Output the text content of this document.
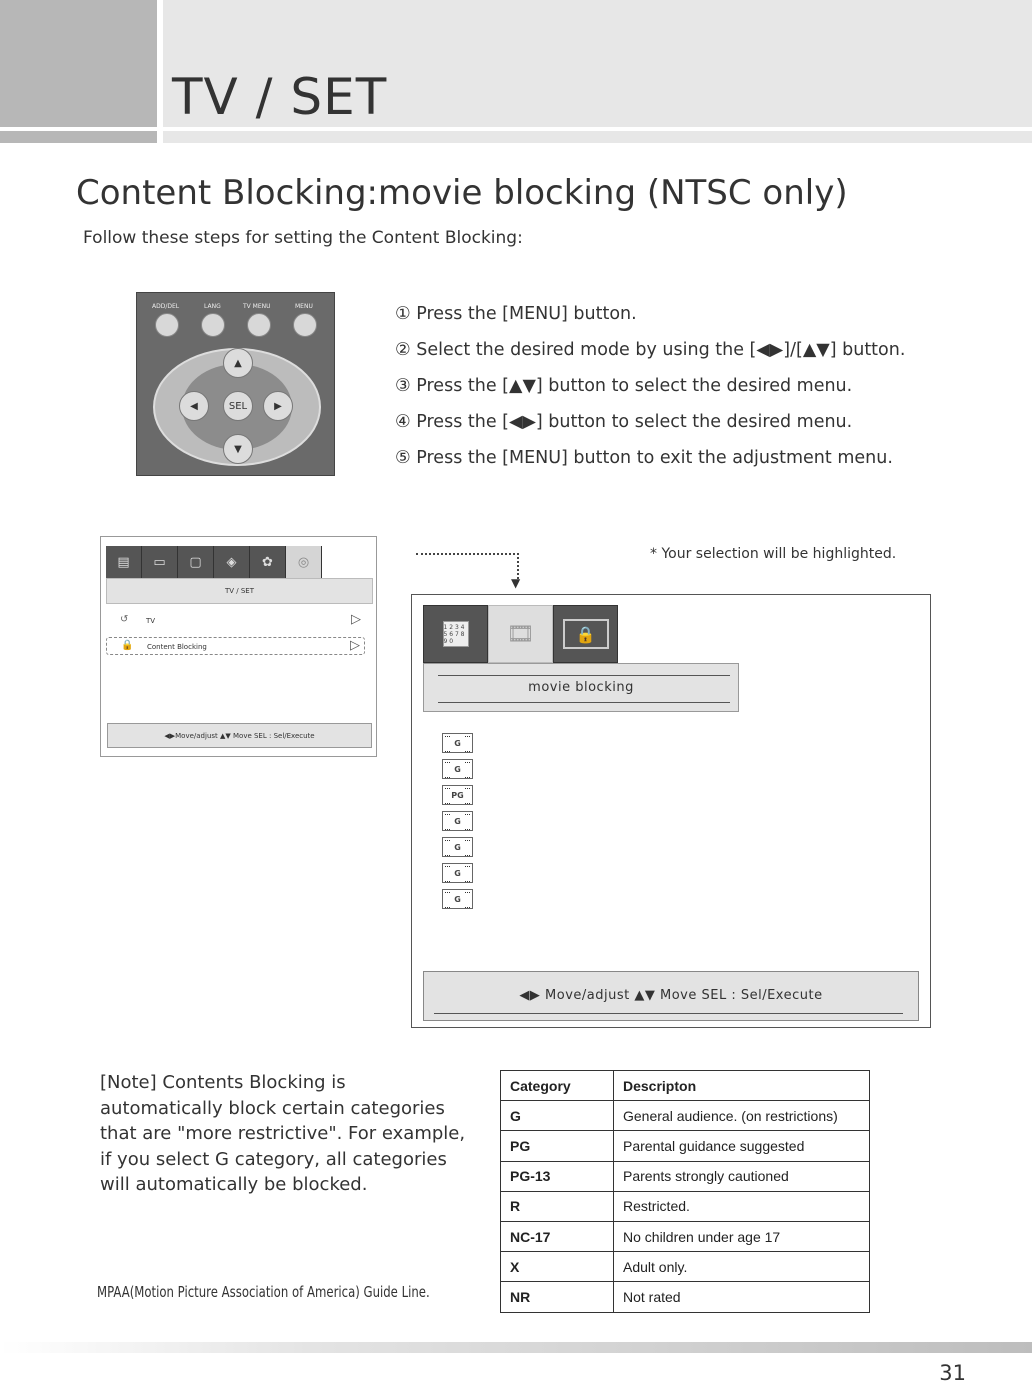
TV / SET
Content Blocking:movie blocking (NTSC only)
Follow these steps for setting the Content Blocking:
ADD/DEL	LANG	TV MENU	MENU
▲
▼
◀	▶
SEL
① Press the [MENU] button.
② Select the desired mode by using the [◀▶]/[▲▼] button.
③ Press the [▲▼] button to select the desired menu.
④ Press the [◀▶] button to select the desired menu.
⑤ Press the [MENU] button to exit the adjustment menu.
▤	▭	▢	◈	✿	◎
TV / SET
↺	TV	▷
🔒 Content Blocking	▷
◀▶Move/adjust ▲▼ Move SEL : Sel/Execute
▼
* Your selection will be highlighted.
1 2 3 4 5 6 7 8 9 0	🎞	🔒
movie blocking
G
G
PG
G
G
G
G
◀▶ Move/adjust ▲▼ Move SEL : Sel/Execute
[Note] Contents Blocking is automatically block certain categories that are "more restrictive". For example, if you select G category, all categories will automatically be blocked.
MPAA(Motion Picture Association of America) Guide Line.
Category	Descripton
G	General audience. (on restrictions)
PG	Parental guidance suggested
PG-13	Parents strongly cautioned
R	Restricted.
NC-17	No children under age 17
X	Adult only.
NR	Not rated
31
